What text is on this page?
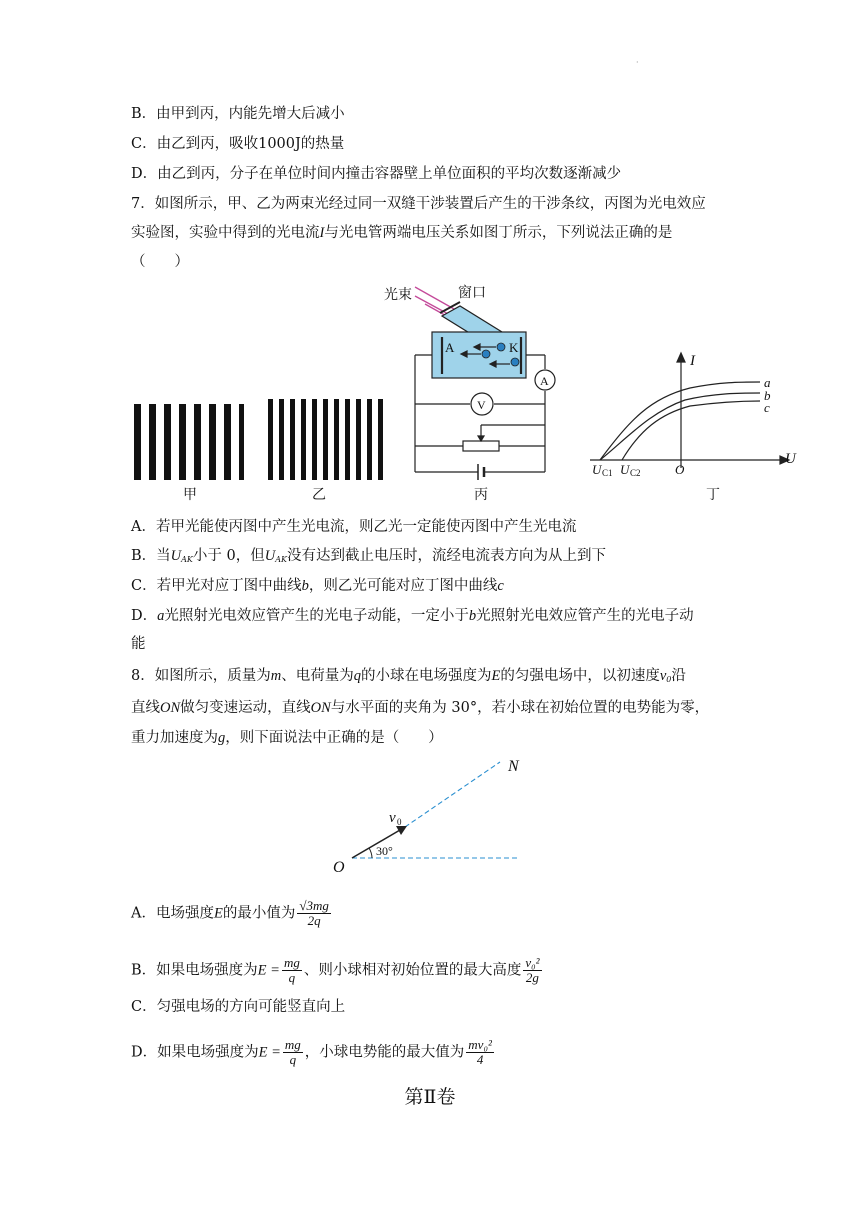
·
B．由甲到丙，内能先增大后减小
C．由乙到丙，吸收1000J的热量
D．由乙到丙，分子在单位时间内撞击容器壁上单位面积的平均次数逐渐减少
7．如图所示，甲、乙为两束光经过同一双缝干涉装置后产生的干涉条纹，丙图为光电效应
实验图，实验中得到的光电流I与光电管两端电压关系如图丁所示，下列说法正确的是
（　　）
光束	窗口
A	K
A
V
I
U
O
U C1 U C2
a
b
c
N
O
v 0
30°
甲	乙	丙	丁
A．若甲光能使丙图中产生光电流，则乙光一定能使丙图中产生光电流
B．当$U_{AK}$小于 0，但$U_{AK}$没有达到截止电压时，流经电流表方向为从上到下
C．若甲光对应丁图中曲线b，则乙光可能对应丁图中曲线c
D．a光照射光电效应管产生的光电子动能，一定小于b光照射光电效应管产生的光电子动
能
8．如图所示，质量为m、电荷量为q的小球在电场强度为E的匀强电场中，以初速度$v_0$沿
直线ON做匀变速运动，直线ON与水平面的夹角为 30°，若小球在初始位置的电势能为零，
重力加速度为g，则下面说法中正确的是（　　）
A．电场强度E的最小值为 $\frac{√3mg}{2q}$
B．如果电场强度为$E = \frac{mg}{q}$ 、则小球相对初始位置的最大高度 $\frac{\text{v₀²}}{2g}$
C．匀强电场的方向可能竖直向上
D．如果电场强度为$E = \frac{mg}{q}$ ，小球电势能的最大值为 $\frac{\text{mv₀²}}{4}$
第Ⅱ卷
